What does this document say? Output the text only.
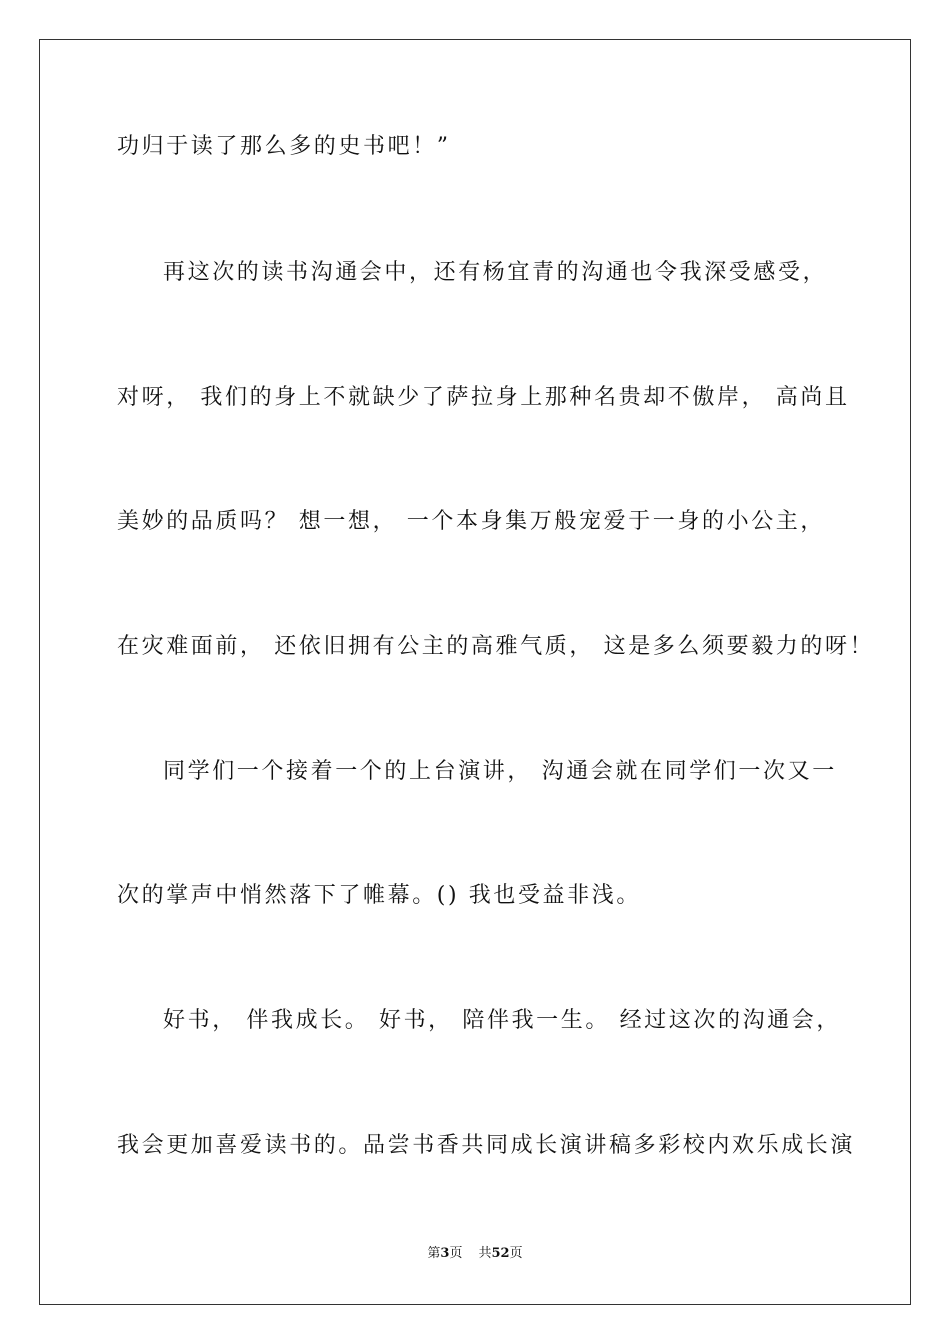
功归于读了那么多的史书吧！”
再这次的读书沟通会中，还有杨宜青的沟通也令我深受感受，
对呀， 我们的身上不就缺少了萨拉身上那种名贵却不傲岸， 高尚且
美妙的品质吗？ 想一想， 一个本身集万般宠爱于一身的小公主，
在灾难面前， 还依旧拥有公主的高雅气质， 这是多么须要毅力的呀！
同学们一个接着一个的上台演讲， 沟通会就在同学们一次又一
次的掌声中悄然落下了帷幕。() 我也受益非浅。
好书， 伴我成长。 好书， 陪伴我一生。 经过这次的沟通会，
我会更加喜爱读书的。品尝书香共同成长演讲稿多彩校内欢乐成长演
第3页 共52页
